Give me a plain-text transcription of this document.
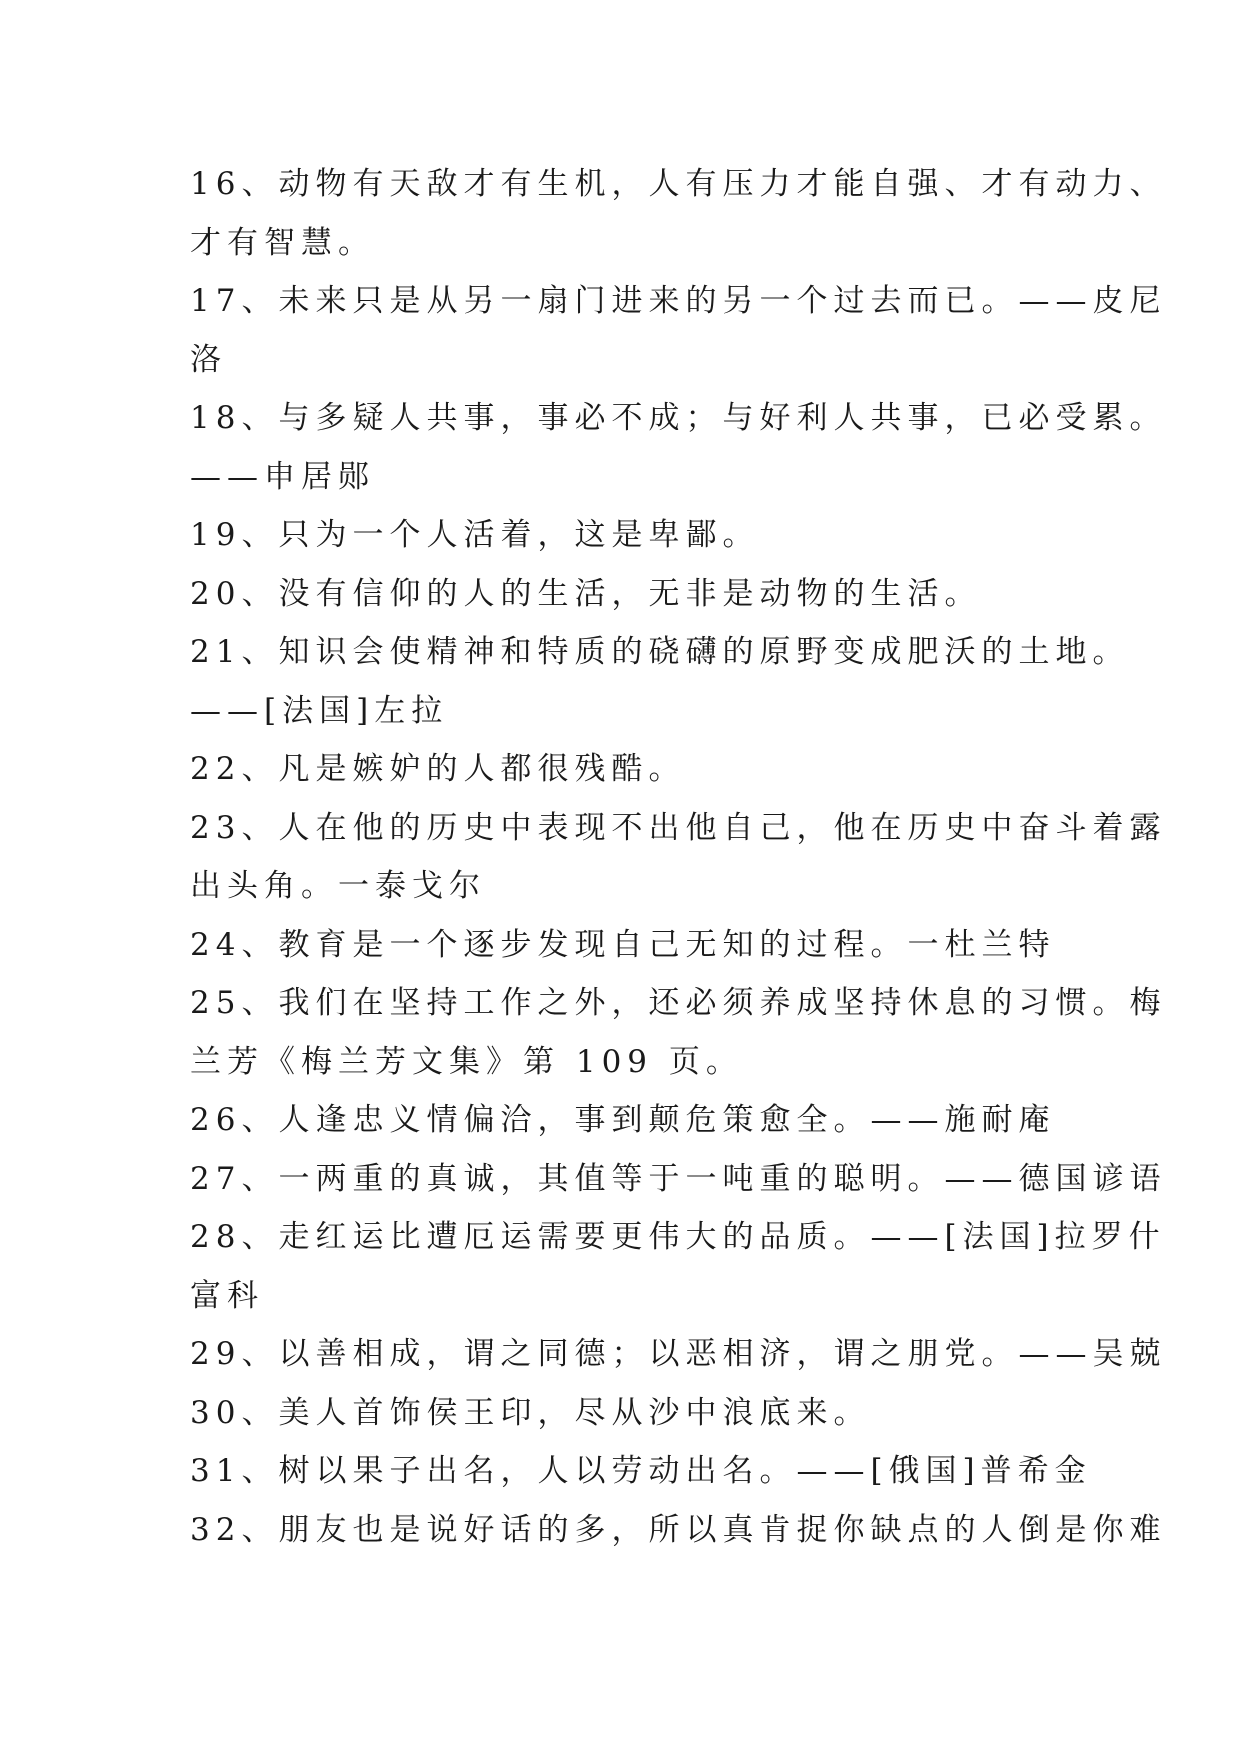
16、动物有天敌才有生机，人有压力才能自强、才有动力、
才有智慧。
17、未来只是从另一扇门进来的另一个过去而已。——皮尼
洛
18、与多疑人共事，事必不成；与好利人共事，已必受累。
——申居郧
19、只为一个人活着，这是卑鄙。
20、没有信仰的人的生活，无非是动物的生活。
21、知识会使精神和特质的硗礴的原野变成肥沃的土地。
——[法国]左拉
22、凡是嫉妒的人都很残酷。
23、人在他的历史中表现不出他自己，他在历史中奋斗着露
出头角。一泰戈尔
24、教育是一个逐步发现自己无知的过程。一杜兰特
25、我们在坚持工作之外，还必须养成坚持休息的习惯。梅
兰芳《梅兰芳文集》第 109 页。
26、人逢忠义情偏洽，事到颠危策愈全。——施耐庵
27、一两重的真诚，其值等于一吨重的聪明。——德国谚语
28、走红运比遭厄运需要更伟大的品质。——[法国]拉罗什
富科
29、以善相成，谓之同德；以恶相济，谓之朋党。——吴兢
30、美人首饰侯王印，尽从沙中浪底来。
31、树以果子出名，人以劳动出名。——[俄国]普希金
32、朋友也是说好话的多，所以真肯捉你缺点的人倒是你难
